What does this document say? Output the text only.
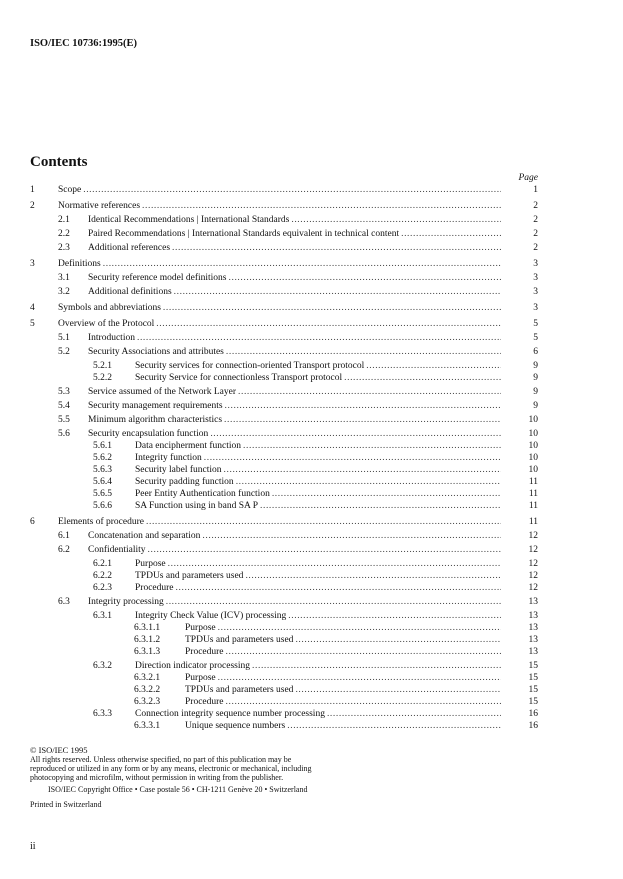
ISO/IEC 10736:1995(E)
Contents
Page
1	Scope .....	1
2	Normative references .....	2
2.1	Identical Recommendations | International Standards .....	2
2.2	Paired Recommendations | International Standards equivalent in technical content .....	2
2.3	Additional references .....	2
3	Definitions .....	3
3.1	Security reference model definitions .....	3
3.2	Additional definitions .....	3
4	Symbols and abbreviations .....	3
5	Overview of the Protocol .....	5
5.1	Introduction .....	5
5.2	Security Associations and attributes .....	6
5.2.1	Security services for connection-oriented Transport protocol .....	9
5.2.2	Security Service for connectionless Transport protocol .....	9
5.3	Service assumed of the Network Layer .....	9
5.4	Security management requirements .....	9
5.5	Minimum algorithm characteristics .....	10
5.6	Security encapsulation function .....	10
5.6.1	Data encipherment function .....	10
5.6.2	Integrity function .....	10
5.6.3	Security label function .....	10
5.6.4	Security padding function .....	11
5.6.5	Peer Entity Authentication function .....	11
5.6.6	SA Function using in band SA P .....	11
6	Elements of procedure .....	11
6.1	Concatenation and separation .....	12
6.2	Confidentiality .....	12
6.2.1	Purpose .....	12
6.2.2	TPDUs and parameters used .....	12
6.2.3	Procedure .....	12
6.3	Integrity processing .....	13
6.3.1	Integrity Check Value (ICV) processing .....	13
6.3.1.1	Purpose .....	13
6.3.1.2	TPDUs and parameters used .....	13
6.3.1.3	Procedure .....	13
6.3.2	Direction indicator processing .....	15
6.3.2.1	Purpose .....	15
6.3.2.2	TPDUs and parameters used .....	15
6.3.2.3	Procedure .....	15
6.3.3	Connection integrity sequence number processing .....	16
6.3.3.1	Unique sequence numbers .....	16

© ISO/IEC 1995

All rights reserved. Unless otherwise specified, no part of this publication may be

reproduced or utilized in any form or by any means, electronic or mechanical, including

photocopying and microfilm, without permission in writing from the publisher.

ISO/IEC Copyright Office • Case postale 56 • CH-1211 Genève 20 • Switzerland

Printed in Switzerland

ii
